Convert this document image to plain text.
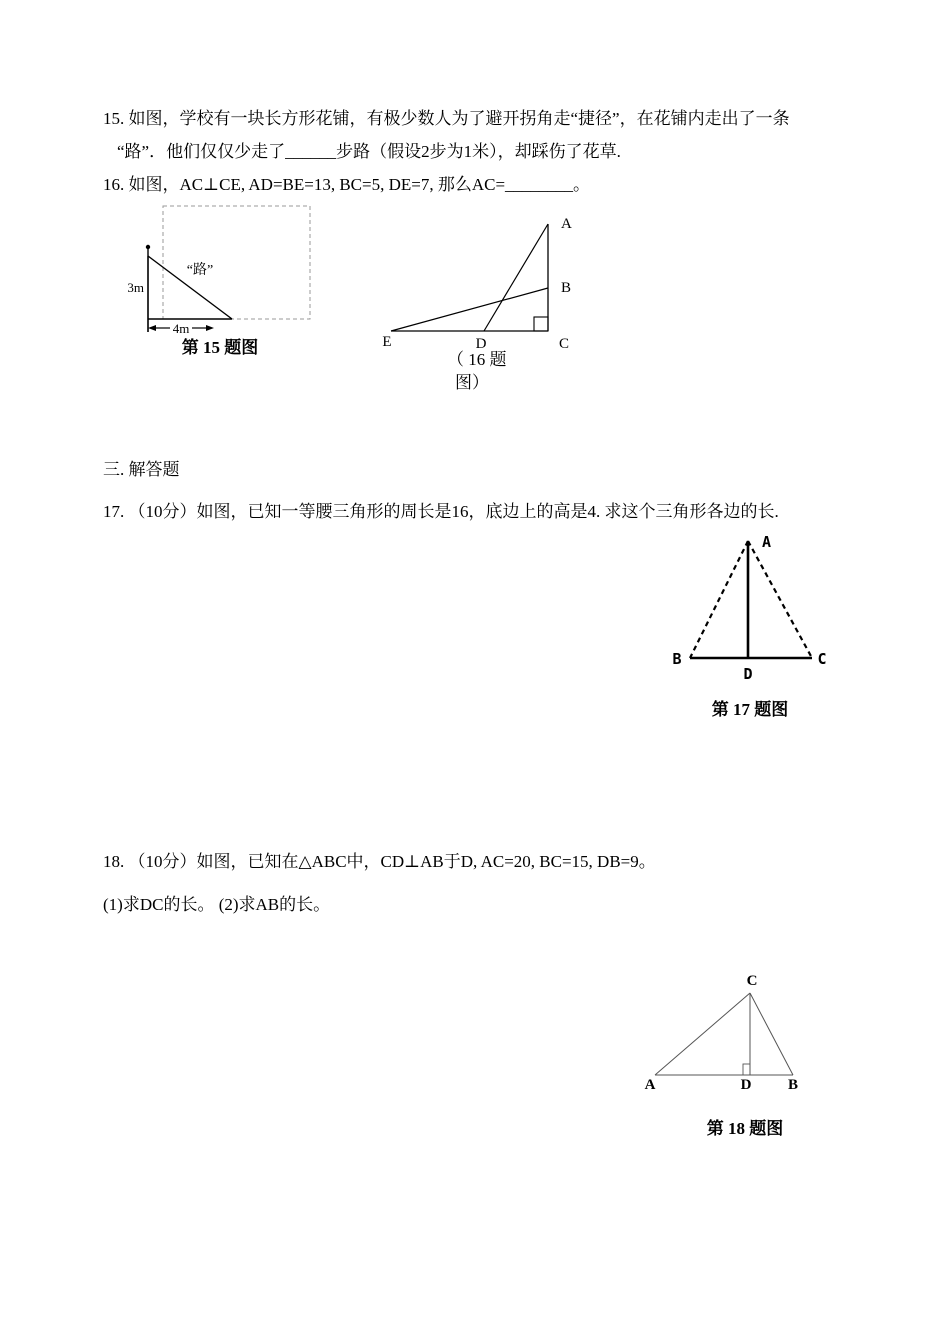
15. 如图，学校有一块长方形花铺，有极少数人为了避开拐角走“捷径”，在花铺内走出了一条
“路”．他们仅仅少走了______步路（假设2步为1米），却踩伤了花草.
16. 如图，AC⊥CE, AD=BE=13, BC=5, DE=7, 那么AC=________。
“路”
3m
4m
第 15 题图
A
B
C
D
E
（ 16 题
图）
三. 解答题
17. （10分）如图，已知一等腰三角形的周长是16，底边上的高是4. 求这个三角形各边的长.
A
B	C
D
第 17 题图
18. （10分）如图，已知在△ABC中，CD⊥AB于D, AC=20, BC=15, DB=9。
(1)求DC的长。 (2)求AB的长。
C
A	D B
第 18 题图
